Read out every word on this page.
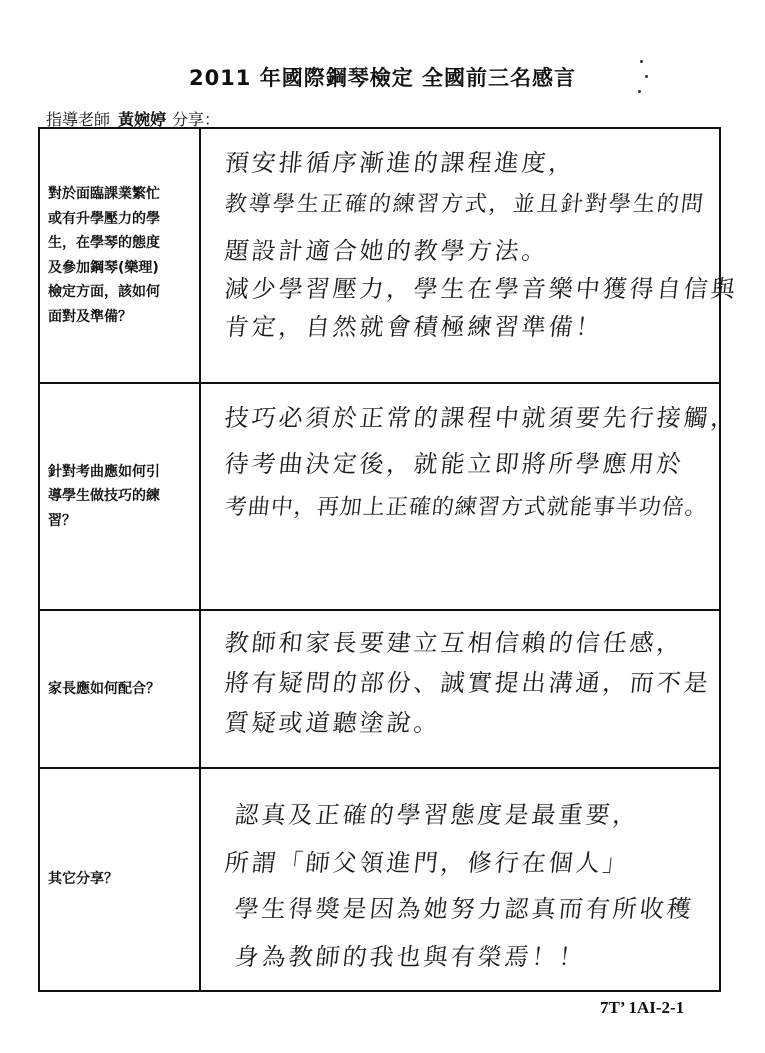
2011 年國際鋼琴檢定 全國前三名感言
指導老師 黃婉婷 分享：
對於面臨課業繁忙
或有升學壓力的學
生，在學琴的態度
及參加鋼琴(樂理)
檢定方面，該如何
面對及準備？
預安排循序漸進的課程進度，
教導學生正確的練習方式，並且針對學生的問
題設計適合她的教學方法。
減少學習壓力，學生在學音樂中獲得自信與
肯定，自然就會積極練習準備！
針對考曲應如何引
導學生做技巧的練
習？
技巧必須於正常的課程中就須要先行接觸，
待考曲決定後，就能立即將所學應用於
考曲中，再加上正確的練習方式就能事半功倍。
家長應如何配合？
教師和家長要建立互相信賴的信任感，
將有疑問的部份、誠實提出溝通，而不是
質疑或道聽塗說。
其它分享？
認真及正確的學習態度是最重要，
所謂「師父領進門，修行在個人」
學生得獎是因為她努力認真而有所收穫
身為教師的我也與有榮焉！！
7T’ 1AI-2-1
